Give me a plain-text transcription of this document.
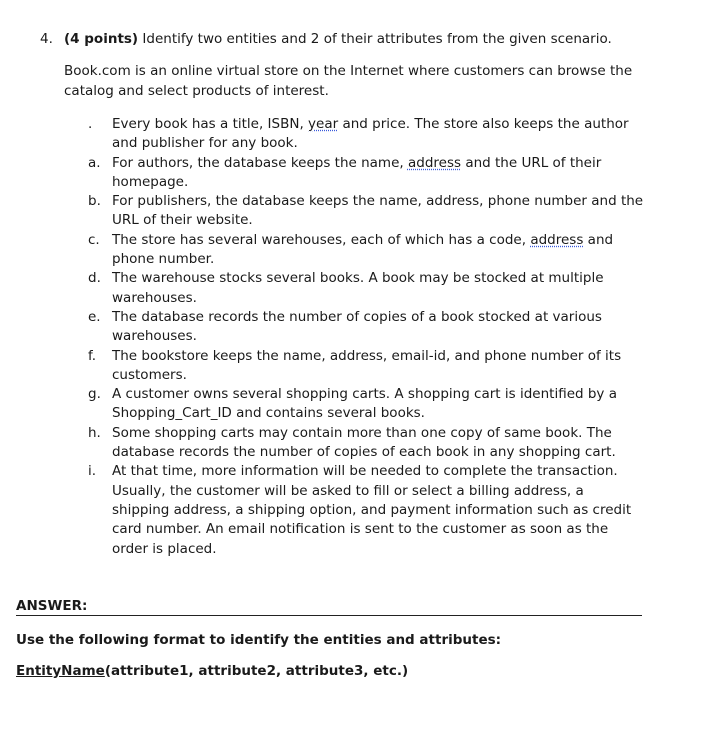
4. (4 points) Identify two entities and 2 of their attributes from the given scenario.
Book.com is an online virtual store on the Internet where customers can browse the catalog and select products of interest.
. Every book has a title, ISBN, year and price. The store also keeps the author and publisher for any book.
a. For authors, the database keeps the name, address and the URL of their homepage.
b. For publishers, the database keeps the name, address, phone number and the URL of their website.
c. The store has several warehouses, each of which has a code, address and phone number.
d. The warehouse stocks several books. A book may be stocked at multiple warehouses.
e. The database records the number of copies of a book stocked at various warehouses.
f. The bookstore keeps the name, address, email-id, and phone number of its customers.
g. A customer owns several shopping carts. A shopping cart is identified by a Shopping_Cart_ID and contains several books.
h. Some shopping carts may contain more than one copy of same book. The database records the number of copies of each book in any shopping cart.
i. At that time, more information will be needed to complete the transaction. Usually, the customer will be asked to fill or select a billing address, a shipping address, a shipping option, and payment information such as credit card number. An email notification is sent to the customer as soon as the order is placed.
ANSWER:
Use the following format to identify the entities and attributes:
EntityName(attribute1, attribute2, attribute3, etc.)
